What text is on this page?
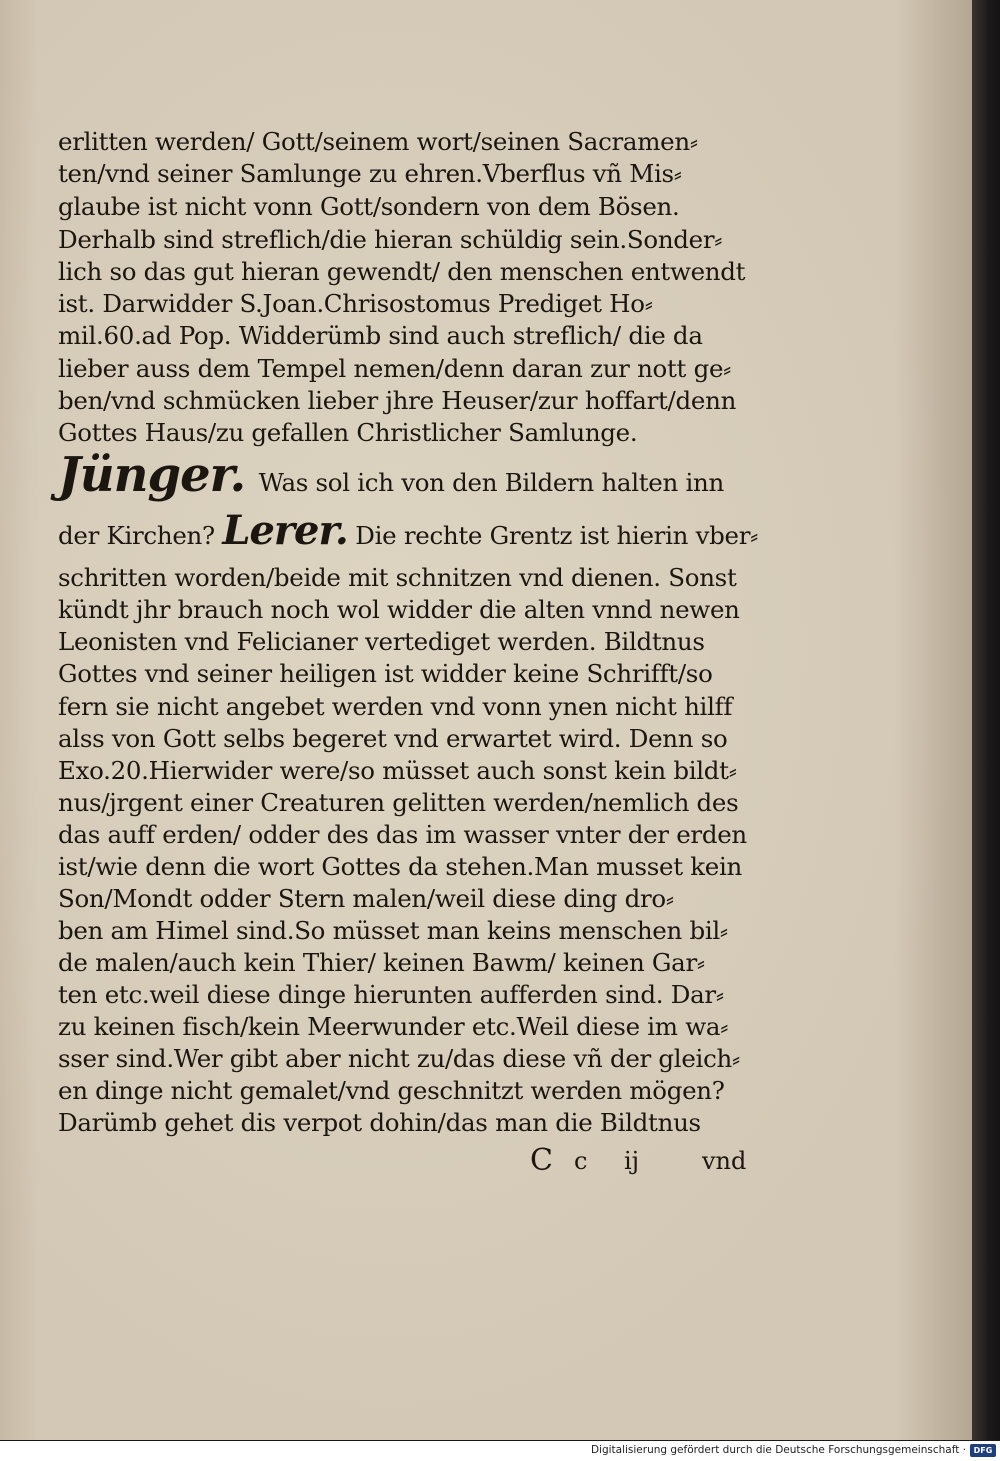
erlitten werden/ Gott/seinem wort/seinen Sacramen⸗
ten/vnd seiner Samlunge zu ehren.Vberflus vñ Mis⸗
glaube ist nicht vonn Gott/sondern von dem Bösen.
Derhalb sind streflich/die hieran schüldig sein.Sonder⸗
lich so das gut hieran gewendt/ den menschen entwendt
ist. Darwidder S.Joan.Chrisostomus Prediget Ho⸗
mil.60.ad Pop. Widderümb sind auch streflich/ die da
lieber auss dem Tempel nemen/denn daran zur nott ge⸗
ben/vnd schmücken lieber jhre Heuser/zur hoffart/denn
Gottes Haus/zu gefallen Christlicher Samlunge.
Jünger. Was sol ich von den Bildern halten inn
der Kirchen? Lerer. Die rechte Grentz ist hierin vber⸗
schritten worden/beide mit schnitzen vnd dienen. Sonst
kündt jhr brauch noch wol widder die alten vnnd newen
Leonisten vnd Felicianer vertediget werden. Bildtnus
Gottes vnd seiner heiligen ist widder keine Schrifft/so
fern sie nicht angebet werden vnd vonn ynen nicht hilff
alss von Gott selbs begeret vnd erwartet wird. Denn so
Exo.20.Hierwider were/so müsset auch sonst kein bildt⸗
nus/jrgent einer Creaturen gelitten werden/nemlich des
das auff erden/ odder des das im wasser vnter der erden
ist/wie denn die wort Gottes da stehen.Man musset kein
Son/Mondt odder Stern malen/weil diese ding dro⸗
ben am Himel sind.So müsset man keins menschen bil⸗
de malen/auch kein Thier/ keinen Bawm/ keinen Gar⸗
ten etc.weil diese dinge hierunten aufferden sind. Dar⸗
zu keinen fisch/kein Meerwunder etc.Weil diese im wa⸗
sser sind.Wer gibt aber nicht zu/das diese vñ der gleich⸗
en dinge nicht gemalet/vnd geschnitzt werden mögen?
Darümb gehet dis verpot dohin/das man die Bildtnus
C c ij	vnd
Digitalisierung gefördert durch die Deutsche Forschungsgemeinschaft · DFG
